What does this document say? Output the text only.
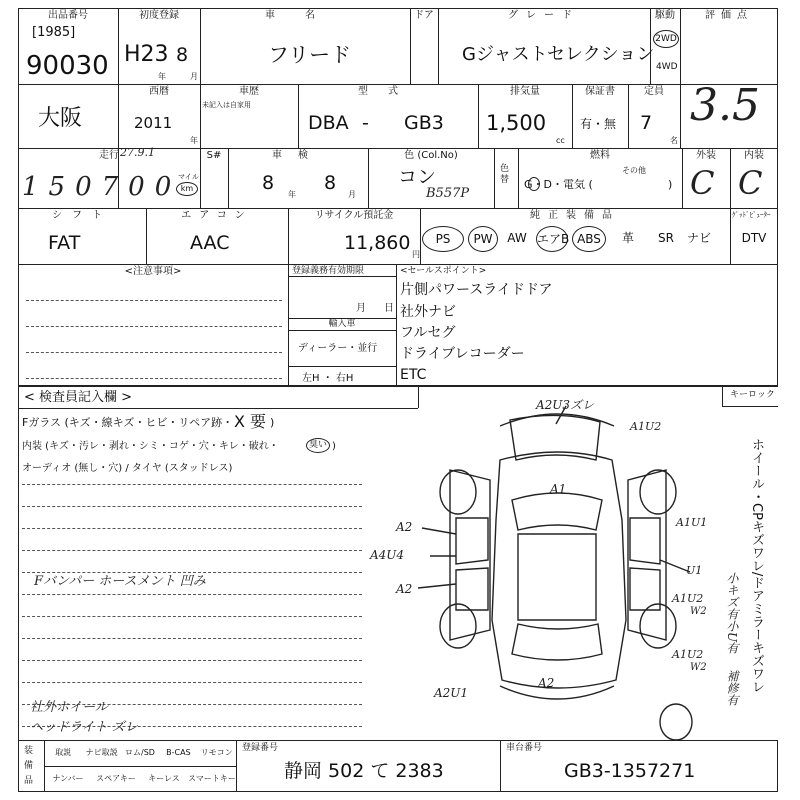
出品番号
[1985]
90030
初度登録
H23 8
年	月
車名
フリード
ドア	グレード
Gジャストセレクション
駆動
2WD
4WD
評価点
3.5
大阪
西暦
2011
年
車歴
未記入は自家用
型式
DBA - GB3
排気量
1,500
cc
保証書
有・無
定員
7
名
走行 27.9.1
150700
マイル
km
S#	車検
8
年
8
月
色 (Col.No)
コン
B557P
色替
燃料
G・D・電気 (
その他
)
外装	内装
C C
シフト
FAT
エアコン
AAC
リサイクル預託金
11,860
円
純正装備品	ｸﾞｯﾄﾞﾋﾞｭｰﾀｰ
PS	PW	AW エアB ABS	革	SR	ナビ	DTV
<注意事項>	登録義務有効期限
月 日
輸入車
ディーラー・並行
左H ・ 右H
<セールスポイント>
片側パワースライドドア
社外ナビ
フルセグ
ドライブレコーダー
ETC
< 検査員記入欄 >	キーロック
Fガラス (キズ・線キズ・ヒビ・リペア跡・ X 要 )
内装 (キズ・汚レ・剥れ・シミ・コゲ・穴・キレ・破れ・	臭い )
オーディオ (無し・穴) / タイヤ (スタッドレス)
Fバンパー ホースメント 凹み
社外ホイール
ヘッドライト ズレ
ホイール・CPキズワレ/ドアミラーキズワレ
小キズ有
小U有
補修有
A2U3ズレ
A1U2
A1
A1U1
A2
A4U4
A2
U1
A1U2
W2
A1U2
W2
A2
A2U1
装備品
取説	ナビ取説 ロム/SD	B-CAS	リモコン
ナンバー	スペアキー	キーレス	スマートキー
登録番号
静岡 502 て 2383
車台番号
GB3-1357271
